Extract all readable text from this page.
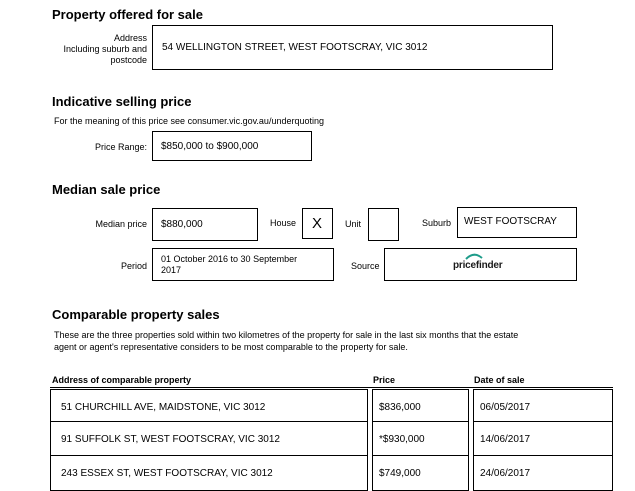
Property offered for sale
Address
Including suburb and
postcode
54 WELLINGTON STREET, WEST FOOTSCRAY, VIC 3012
Indicative selling price
For the meaning of this price see consumer.vic.gov.au/underquoting
Price Range: $850,000 to $900,000
Median sale price
Median price $880,000	House	X	Unit	Suburb WEST FOOTSCRAY
Period
01 October 2016 to 30 September
2017	Source	pricefinder
Comparable property sales
These are the three properties sold within two kilometres of the property for sale in the last six months that the estate
agent or agent's representative considers to be most comparable to the property for sale.
Address of comparable property	Price	Date of sale
51 CHURCHILL AVE, MAIDSTONE, VIC 3012	$836,000	06/05/2017
91 SUFFOLK ST, WEST FOOTSCRAY, VIC 3012	*$930,000	14/06/2017
243 ESSEX ST, WEST FOOTSCRAY, VIC 3012	$749,000	24/06/2017
